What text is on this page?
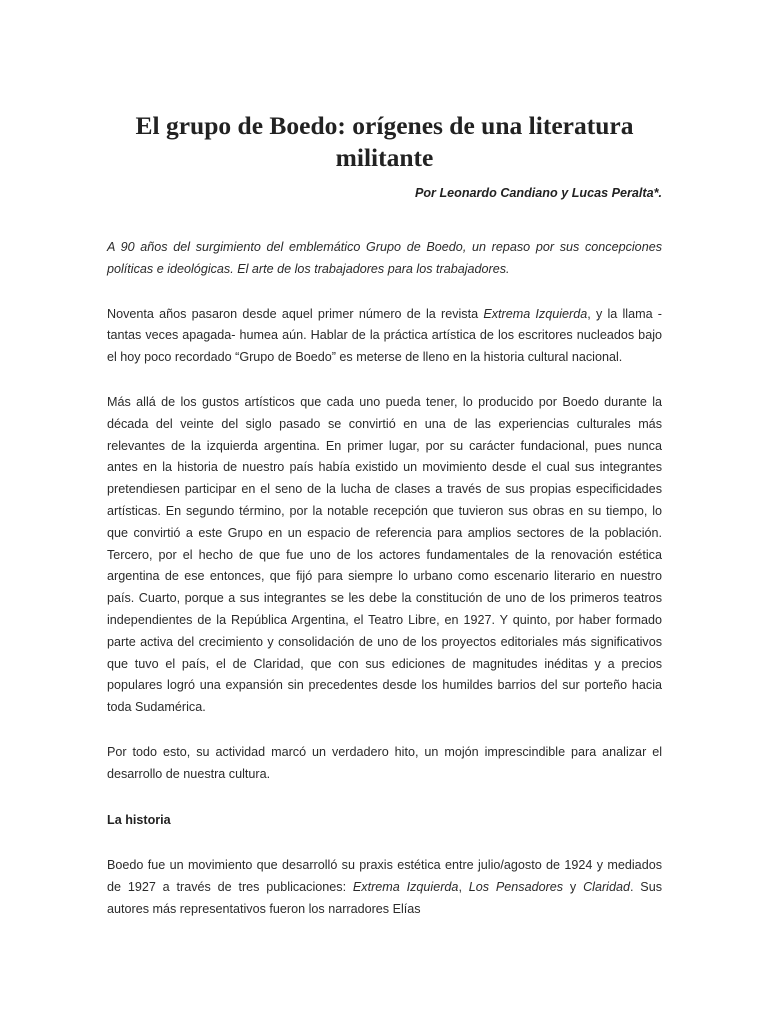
El grupo de Boedo: orígenes de una literatura militante

Por Leonardo Candiano y Lucas Peralta*.

A 90 años del surgimiento del emblemático Grupo de Boedo, un repaso por sus concepciones políticas e ideológicas. El arte de los trabajadores para los trabajadores.

Noventa años pasaron desde aquel primer número de la revista Extrema Izquierda, y la llama -tantas veces apagada- humea aún. Hablar de la práctica artística de los escritores nucleados bajo el hoy poco recordado “Grupo de Boedo” es meterse de lleno en la historia cultural nacional.

Más allá de los gustos artísticos que cada uno pueda tener, lo producido por Boedo durante la década del veinte del siglo pasado se convirtió en una de las experiencias culturales más relevantes de la izquierda argentina. En primer lugar, por su carácter fundacional, pues nunca antes en la historia de nuestro país había existido un movimiento desde el cual sus integrantes pretendiesen participar en el seno de la lucha de clases a través de sus propias especificidades artísticas. En segundo término, por la notable recepción que tuvieron sus obras en su tiempo, lo que convirtió a este Grupo en un espacio de referencia para amplios sectores de la población. Tercero, por el hecho de que fue uno de los actores fundamentales de la renovación estética argentina de ese entonces, que fijó para siempre lo urbano como escenario literario en nuestro país. Cuarto, porque a sus integrantes se les debe la constitución de uno de los primeros teatros independientes de la República Argentina, el Teatro Libre, en 1927. Y quinto, por haber formado parte activa del crecimiento y consolidación de uno de los proyectos editoriales más significativos que tuvo el país, el de Claridad, que con sus ediciones de magnitudes inéditas y a precios populares logró una expansión sin precedentes desde los humildes barrios del sur porteño hacia toda Sudamérica.

Por todo esto, su actividad marcó un verdadero hito, un mojón imprescindible para analizar el desarrollo de nuestra cultura.

La historia

Boedo fue un movimiento que desarrolló su praxis estética entre julio/agosto de 1924 y mediados de 1927 a través de tres publicaciones: Extrema Izquierda, Los Pensadores y Claridad. Sus autores más representativos fueron los narradores Elías
